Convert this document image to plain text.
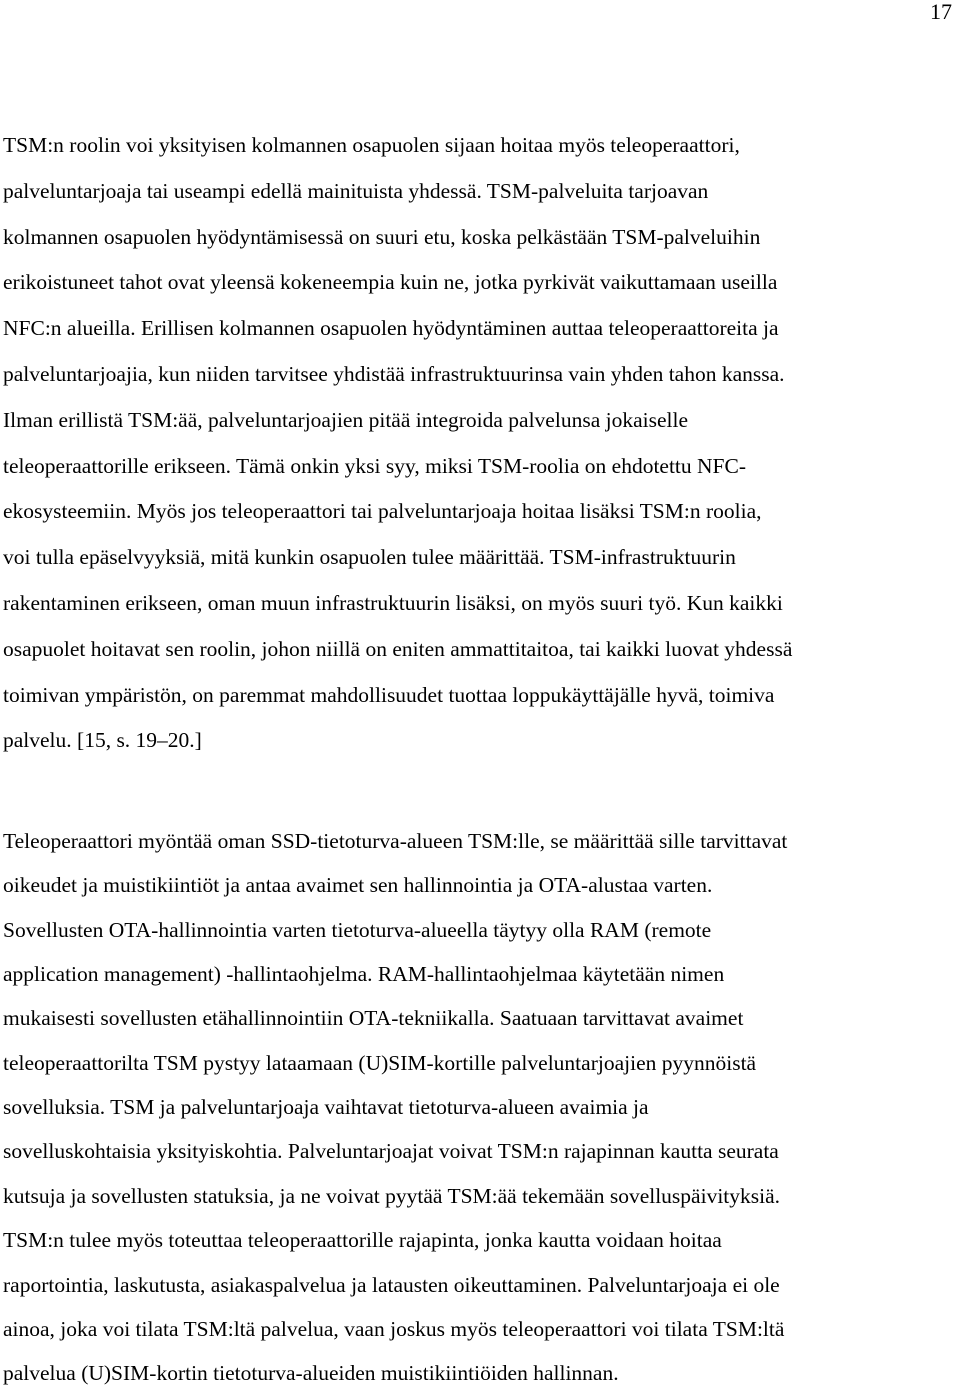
17

TSM:n roolin voi yksityisen kolmannen osapuolen sijaan hoitaa myös teleoperaattori,

palveluntarjoaja tai useampi edellä mainituista yhdessä. TSM-palveluita tarjoavan

kolmannen osapuolen hyödyntämisessä on suuri etu, koska pelkästään TSM-palveluihin

erikoistuneet tahot ovat yleensä kokeneempia kuin ne, jotka pyrkivät vaikuttamaan useilla

NFC:n alueilla. Erillisen kolmannen osapuolen hyödyntäminen auttaa teleoperaattoreita ja

palveluntarjoajia, kun niiden tarvitsee yhdistää infrastruktuurinsa vain yhden tahon kanssa.

Ilman erillistä TSM:ää, palveluntarjoajien pitää integroida palvelunsa jokaiselle

teleoperaattorille erikseen. Tämä onkin yksi syy, miksi TSM-roolia on ehdotettu NFC-

ekosysteemiin. Myös jos teleoperaattori tai palveluntarjoaja hoitaa lisäksi TSM:n roolia,

voi tulla epäselvyyksiä, mitä kunkin osapuolen tulee määrittää. TSM-infrastruktuurin

rakentaminen erikseen, oman muun infrastruktuurin lisäksi, on myös suuri työ. Kun kaikki

osapuolet hoitavat sen roolin, johon niillä on eniten ammattitaitoa, tai kaikki luovat yhdessä

toimivan ympäristön, on paremmat mahdollisuudet tuottaa loppukäyttäjälle hyvä, toimiva

palvelu. [15, s. 19–20.]

Teleoperaattori myöntää oman SSD-tietoturva-alueen TSM:lle, se määrittää sille tarvittavat

oikeudet ja muistikiintiöt ja antaa avaimet sen hallinnointia ja OTA-alustaa varten.

Sovellusten OTA-hallinnointia varten tietoturva-alueella täytyy olla RAM (remote

application management) -hallintaohjelma. RAM-hallintaohjelmaa käytetään nimen

mukaisesti sovellusten etähallinnointiin OTA-tekniikalla. Saatuaan tarvittavat avaimet

teleoperaattorilta TSM pystyy lataamaan (U)SIM-kortille palveluntarjoajien pyynnöistä

sovelluksia. TSM ja palveluntarjoaja vaihtavat tietoturva-alueen avaimia ja

sovelluskohtaisia yksityiskohtia. Palveluntarjoajat voivat TSM:n rajapinnan kautta seurata

kutsuja ja sovellusten statuksia, ja ne voivat pyytää TSM:ää tekemään sovelluspäivityksiä.

TSM:n tulee myös toteuttaa teleoperaattorille rajapinta, jonka kautta voidaan hoitaa

raportointia, laskutusta, asiakaspalvelua ja latausten oikeuttaminen. Palveluntarjoaja ei ole

ainoa, joka voi tilata TSM:ltä palvelua, vaan joskus myös teleoperaattori voi tilata TSM:ltä

palvelua (U)SIM-kortin tietoturva-alueiden muistikiintiöiden hallinnan.
